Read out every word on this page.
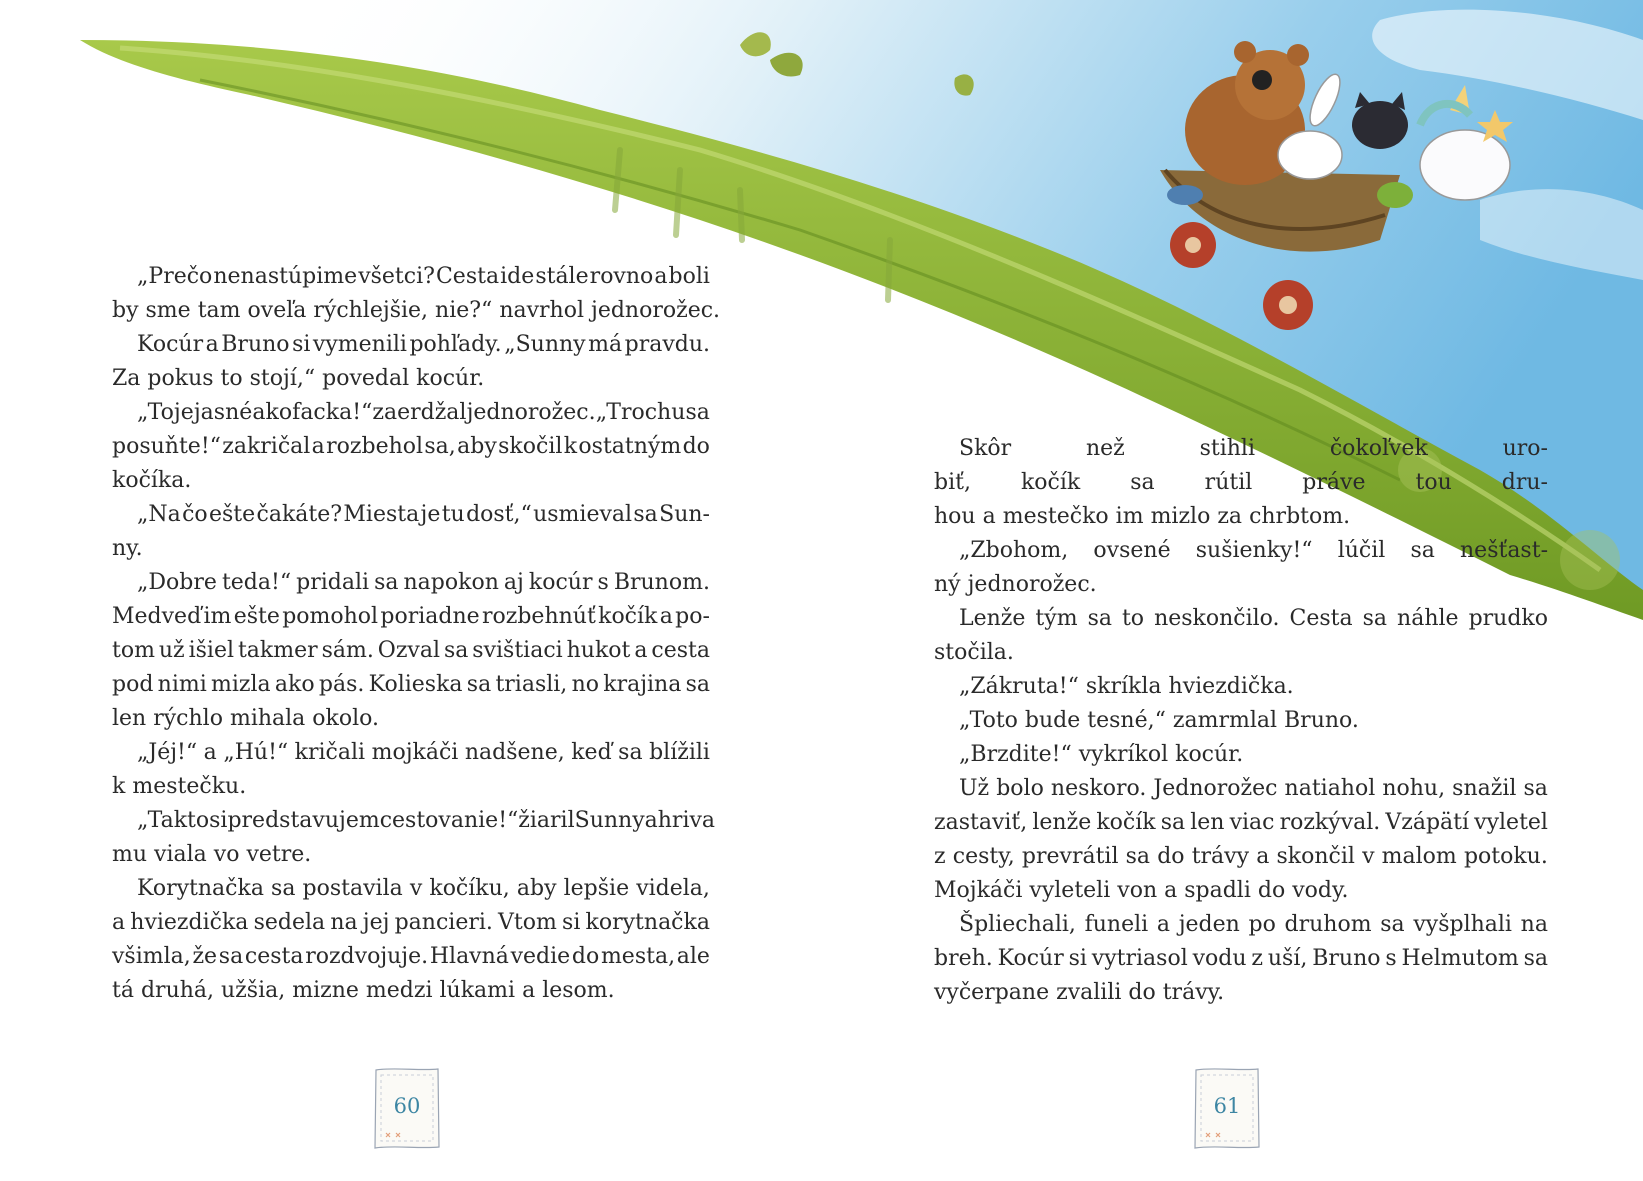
„Prečo nenastúpime všetci? Cesta ide stále rovno a boli
by sme tam oveľa rýchlejšie, nie?“ navrhol jednorožec.
Kocúr a Bruno si vymenili pohľady. „Sunny má pravdu.
Za pokus to stojí,“ povedal kocúr.
„To je jasné ako facka!“ zaerdžal jednorožec. „Trochu sa
posuňte!“ zakričal a rozbehol sa, aby skočil k ostatným do
kočíka.
„Na čo ešte čakáte? Miesta je tu dosť,“ usmieval sa Sun-
ny.
„Dobre teda!“ pridali sa napokon aj kocúr s Brunom.
Medveď im ešte pomohol poriadne rozbehnúť kočík a po-
tom už išiel takmer sám. Ozval sa svištiaci hukot a cesta
pod nimi mizla ako pás. Kolieska sa triasli, no krajina sa
len rýchlo mihala okolo.
„Jéj!“ a „Hú!“ kričali mojkáči nadšene, keď sa blížili
k mestečku.
„Takto si predstavujem cestovanie!“ žiaril Sunny a hriva
mu viala vo vetre.
Korytnačka sa postavila v kočíku, aby lepšie videla,
a hviezdička sedela na jej pancieri. Vtom si korytnačka
všimla, že sa cesta rozdvojuje. Hlavná vedie do mesta, ale
tá druhá, užšia, mizne medzi lúkami a lesom.
60
Skôr	než	stihli	čokoľvek	uro-
biť, kočík sa rútil práve tou dru-
hou a mestečko im mizlo za chrbtom.
„Zbohom, ovsené sušienky!“ lúčil sa nešťast-
ný jednorožec.
Lenže tým sa to neskončilo. Cesta sa náhle prudko
stočila.
„Zákruta!“ skríkla hviezdička.
„Toto bude tesné,“ zamrmlal Bruno.
„Brzdite!“ vykríkol kocúr.
Už bolo neskoro. Jednorožec natiahol nohu, snažil sa
zastaviť, lenže kočík sa len viac rozkýval. Vzápätí vyletel
z cesty, prevrátil sa do trávy a skončil v malom potoku.
Mojkáči vyleteli von a spadli do vody.
Špliechali, funeli a jeden po druhom sa vyšplhali na
breh. Kocúr si vytriasol vodu z uší, Bruno s Helmutom sa
vyčerpane zvalili do trávy.
61
